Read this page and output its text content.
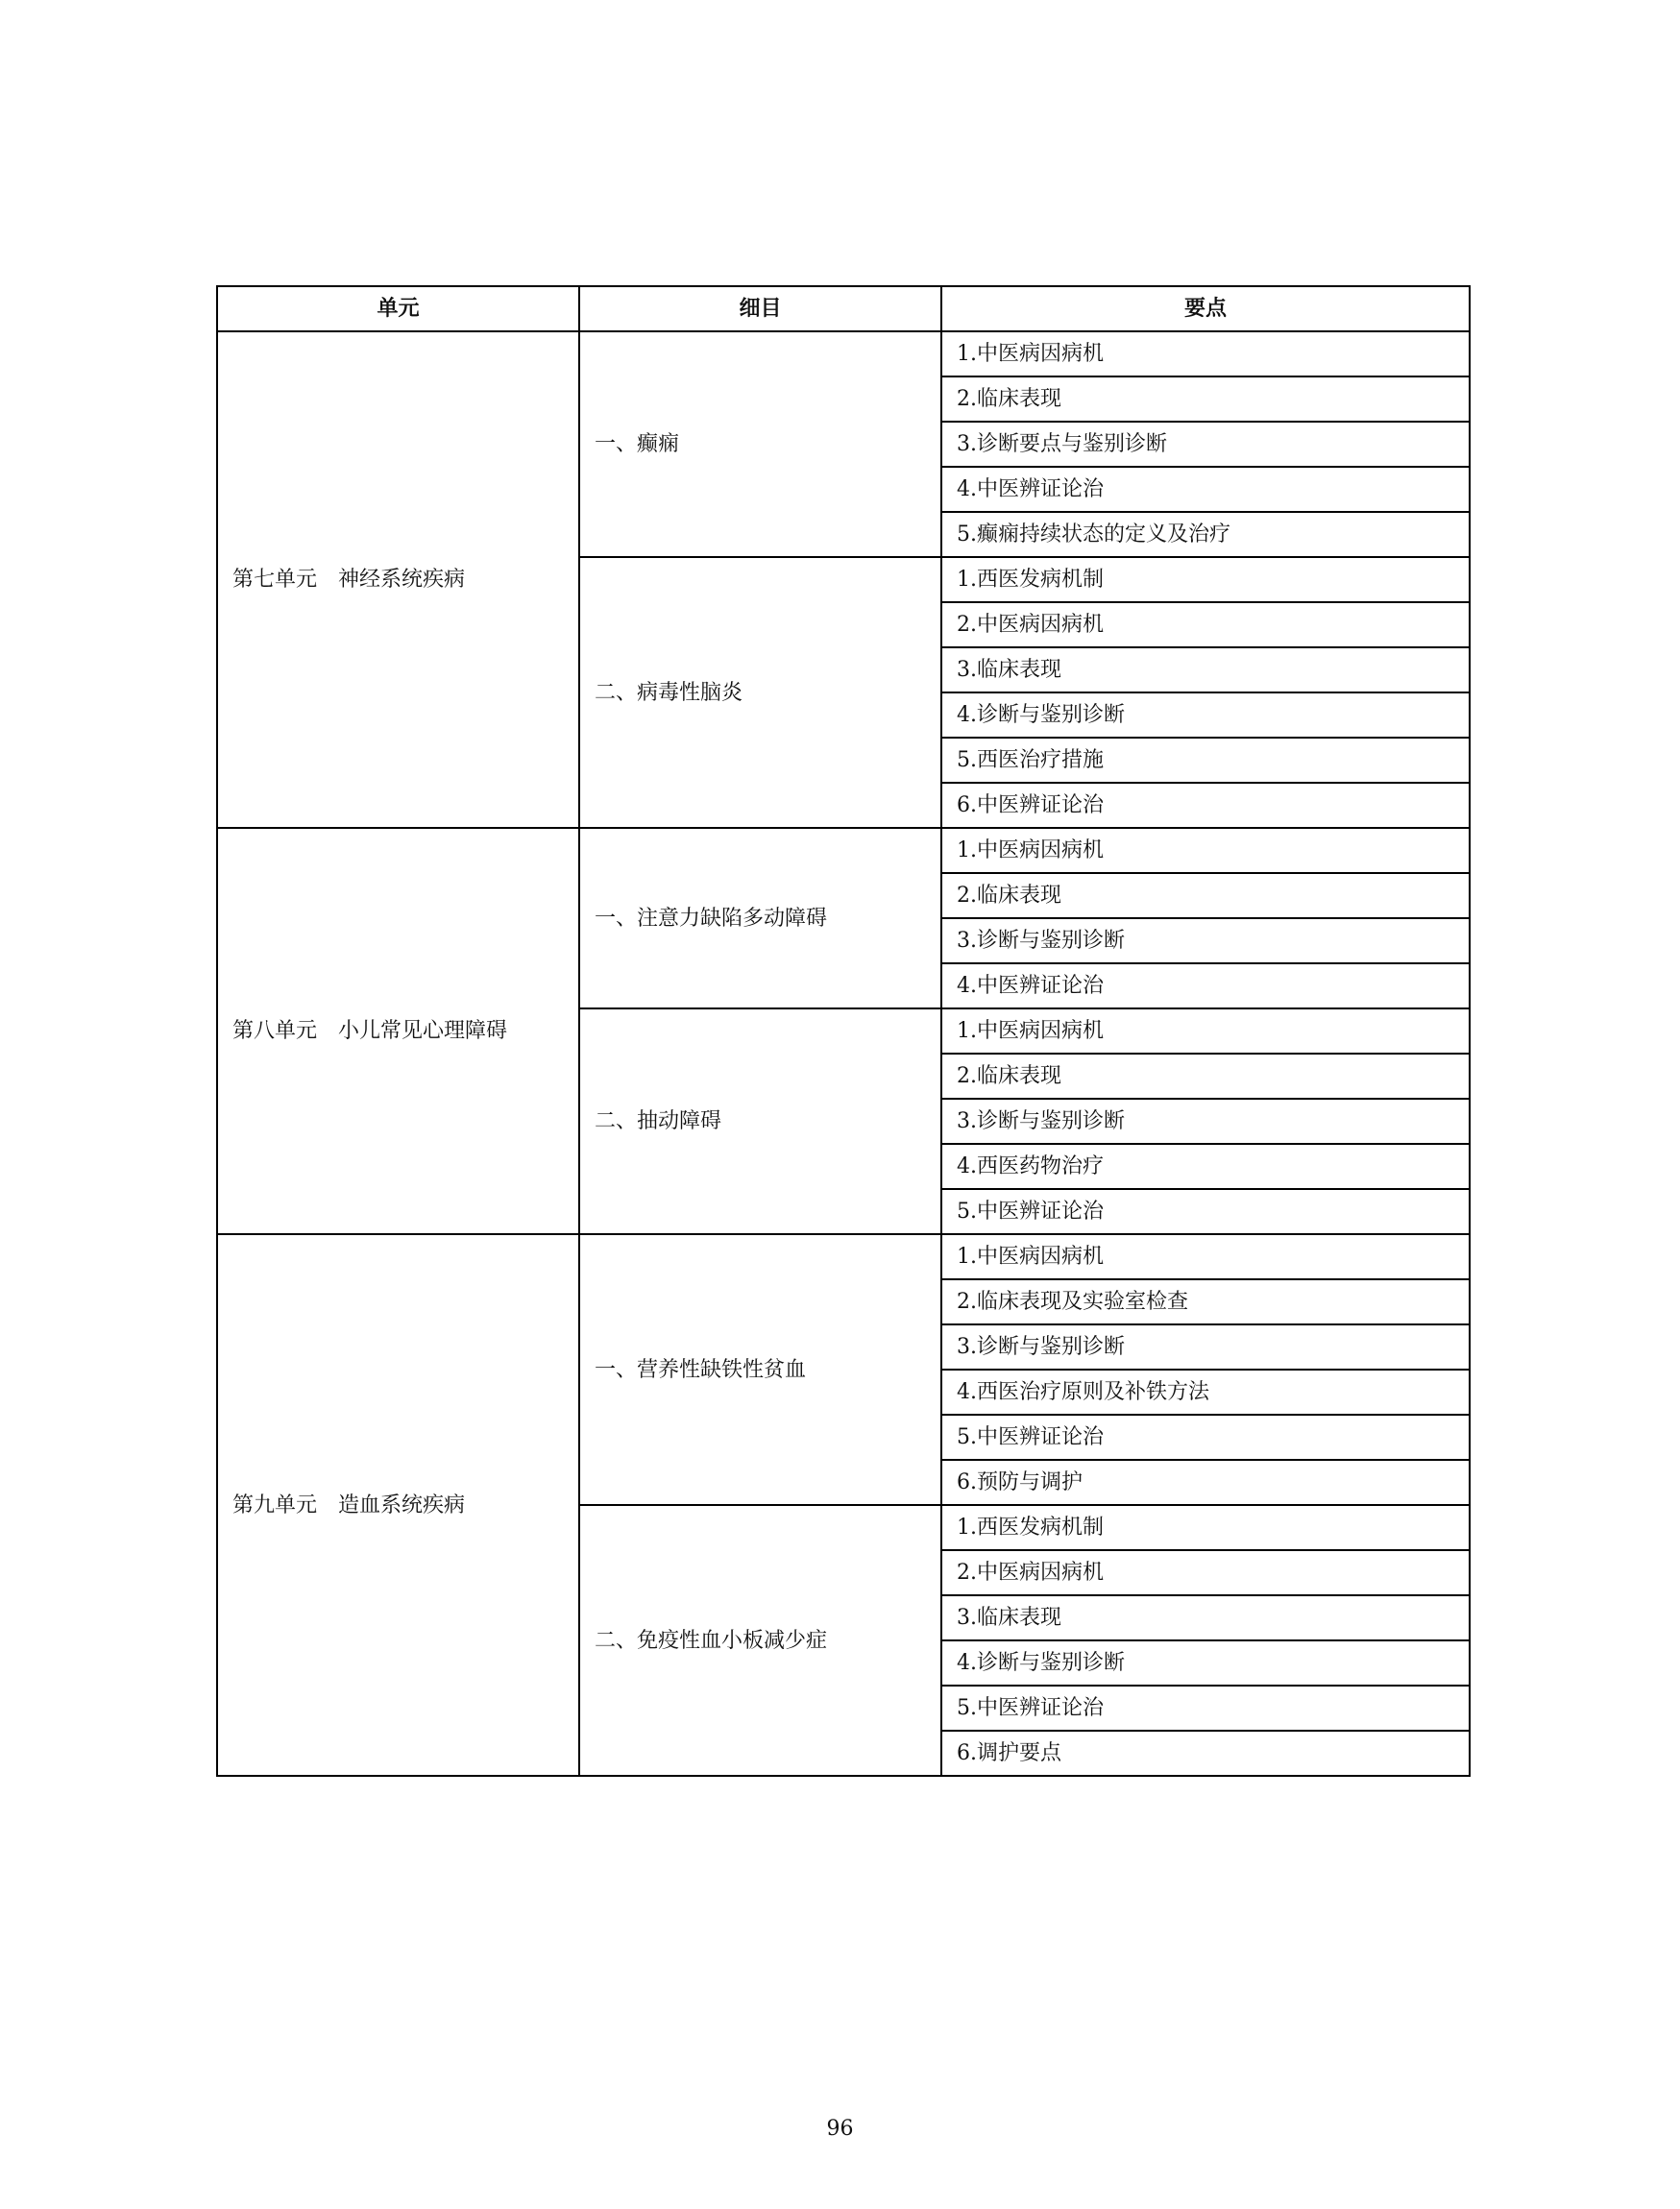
单元	细目	要点
第七单元　神经系统疾病	一、癫痫	1.中医病因病机
		2.临床表现
		3.诊断要点与鉴别诊断
		4.中医辨证论治
		5.癫痫持续状态的定义及治疗
	二、病毒性脑炎	1.西医发病机制
		2.中医病因病机
		3.临床表现
		4.诊断与鉴别诊断
		5.西医治疗措施
		6.中医辨证论治
第八单元　小儿常见心理障碍	一、注意力缺陷多动障碍	1.中医病因病机
		2.临床表现
		3.诊断与鉴别诊断
		4.中医辨证论治
	二、抽动障碍	1.中医病因病机
		2.临床表现
		3.诊断与鉴别诊断
		4.西医药物治疗
		5.中医辨证论治
第九单元　造血系统疾病	一、营养性缺铁性贫血	1.中医病因病机
		2.临床表现及实验室检查
		3.诊断与鉴别诊断
		4.西医治疗原则及补铁方法
		5.中医辨证论治
		6.预防与调护
	二、免疫性血小板减少症	1.西医发病机制
		2.中医病因病机
		3.临床表现
		4.诊断与鉴别诊断
		5.中医辨证论治
		6.调护要点
96
